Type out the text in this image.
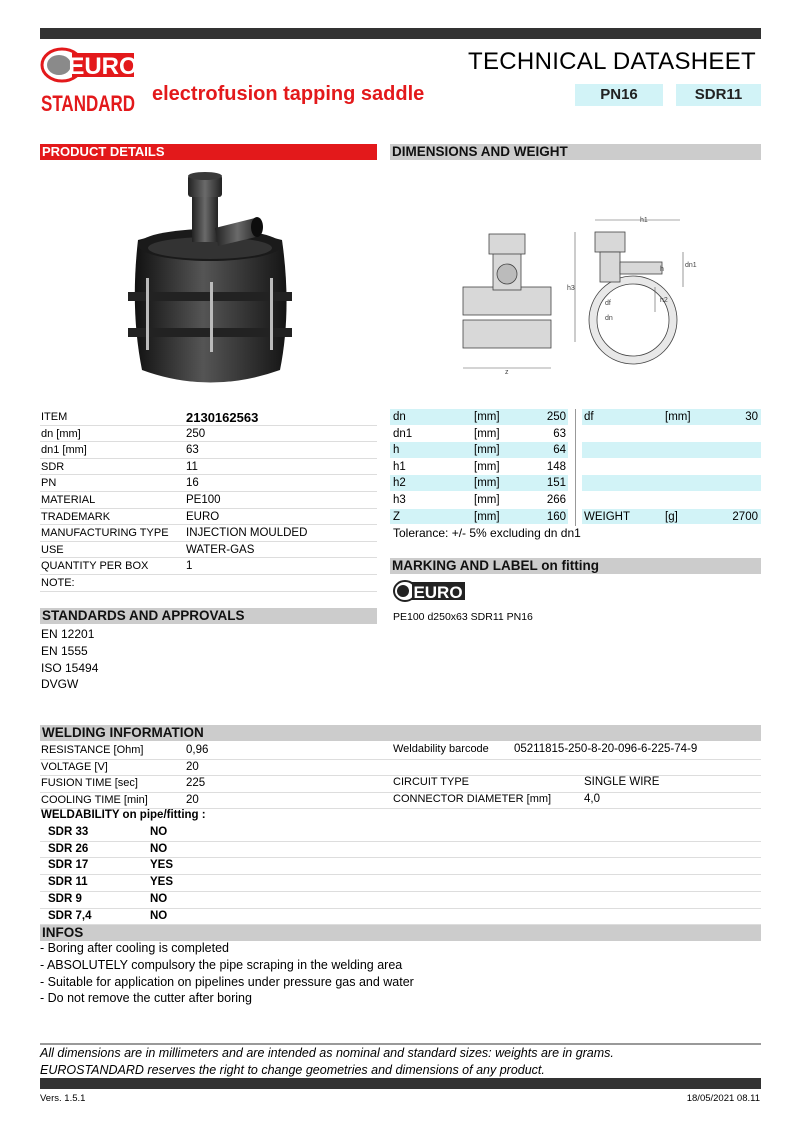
EURO
STANDARD
TECHNICAL DATASHEET
electrofusion tapping saddle	PN16	SDR11
PRODUCT DETAILS	DIMENSIONS AND WEIGHT
z
h3
h1
dn1
h
h2
df
dn
ITEM	2130162563
dn [mm]	250
dn1 [mm]	63
SDR	11
PN	16
MATERIAL	PE100
TRADEMARK	EURO
MANUFACTURING TYPE INJECTION MOULDED
USE	WATER-GAS
QUANTITY PER BOX	1
NOTE:
dn	[mm]	250
dn1	[mm]	63
h	[mm]	64
h1	[mm]	148
h2	[mm]	151
h3	[mm]	266
Z	[mm]	160
df	[mm]	30
WEIGHT	[g]	2700
Tolerance: +/- 5% excluding dn dn1
MARKING AND LABEL on fitting
EURO
PE100 d250x63 SDR11 PN16
STANDARDS AND APPROVALS
EN 12201
EN 1555
ISO 15494
DVGW
WELDING INFORMATION
RESISTANCE [Ohm]	0,96
VOLTAGE [V]	20
FUSION TIME [sec]	225
COOLING TIME [min]	20
Weldability barcode 05211815-250-8-20-096-6-225-74-9
CIRCUIT TYPE	SINGLE WIRE
CONNECTOR DIAMETER [mm]	4,0
WELDABILITY on pipe/fitting :
SDR 33	NO
SDR 26	NO
SDR 17	YES
SDR 11	YES
SDR 9	NO
SDR 7,4	NO
INFOS
- Boring after cooling is completed
- ABSOLUTELY compulsory the pipe scraping in the welding area
- Suitable for application on pipelines under pressure gas and water
- Do not remove the cutter after boring
All dimensions are in millimeters and are intended as nominal and standard sizes: weights are in grams.
EUROSTANDARD reserves the right to change geometries and dimensions of any product.
Vers. 1.5.1	18/05/2021 08.11
